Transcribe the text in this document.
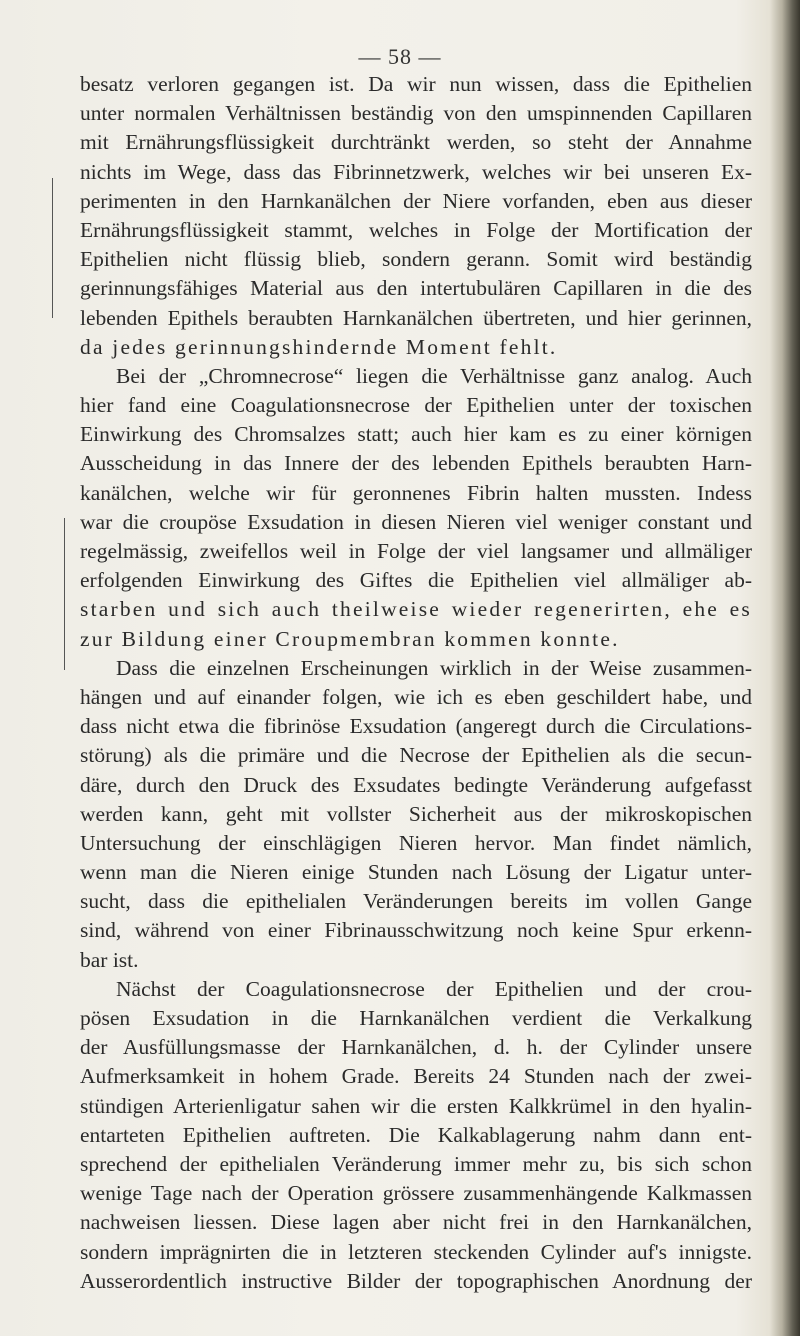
— 58 —
besatz verloren gegangen ist. Da wir nun wissen, dass die Epithelien
unter normalen Verhältnissen beständig von den umspinnenden Capillaren
mit Ernährungsflüssigkeit durchtränkt werden, so steht der Annahme
nichts im Wege, dass das Fibrinnetzwerk, welches wir bei unseren Ex-
perimenten in den Harnkanälchen der Niere vorfanden, eben aus dieser
Ernährungsflüssigkeit stammt, welches in Folge der Mortification der
Epithelien nicht flüssig blieb, sondern gerann. Somit wird beständig
gerinnungsfähiges Material aus den intertubulären Capillaren in die des
lebenden Epithels beraubten Harnkanälchen übertreten, und hier gerinnen,
da jedes gerinnungshindernde Moment fehlt.
Bei der „Chromnecrose“ liegen die Verhältnisse ganz analog. Auch
hier fand eine Coagulationsnecrose der Epithelien unter der toxischen
Einwirkung des Chromsalzes statt; auch hier kam es zu einer körnigen
Ausscheidung in das Innere der des lebenden Epithels beraubten Harn-
kanälchen, welche wir für geronnenes Fibrin halten mussten. Indess
war die croupöse Exsudation in diesen Nieren viel weniger constant und
regelmässig, zweifellos weil in Folge der viel langsamer und allmäliger
erfolgenden Einwirkung des Giftes die Epithelien viel allmäliger ab-
starben und sich auch theilweise wieder regenerirten, ehe es
zur Bildung einer Croupmembran kommen konnte.
Dass die einzelnen Erscheinungen wirklich in der Weise zusammen-
hängen und auf einander folgen, wie ich es eben geschildert habe, und
dass nicht etwa die fibrinöse Exsudation (angeregt durch die Circulations-
störung) als die primäre und die Necrose der Epithelien als die secun-
däre, durch den Druck des Exsudates bedingte Veränderung aufgefasst
werden kann, geht mit vollster Sicherheit aus der mikroskopischen
Untersuchung der einschlägigen Nieren hervor. Man findet nämlich,
wenn man die Nieren einige Stunden nach Lösung der Ligatur unter-
sucht, dass die epithelialen Veränderungen bereits im vollen Gange
sind, während von einer Fibrinausschwitzung noch keine Spur erkenn-
bar ist.
Nächst der Coagulationsnecrose der Epithelien und der crou-
pösen Exsudation in die Harnkanälchen verdient die Verkalkung
der Ausfüllungsmasse der Harnkanälchen, d. h. der Cylinder unsere
Aufmerksamkeit in hohem Grade. Bereits 24 Stunden nach der zwei-
stündigen Arterienligatur sahen wir die ersten Kalkkrümel in den hyalin-
entarteten Epithelien auftreten. Die Kalkablagerung nahm dann ent-
sprechend der epithelialen Veränderung immer mehr zu, bis sich schon
wenige Tage nach der Operation grössere zusammenhängende Kalkmassen
nachweisen liessen. Diese lagen aber nicht frei in den Harnkanälchen,
sondern imprägnirten die in letzteren steckenden Cylinder auf's innigste.
Ausserordentlich instructive Bilder der topographischen Anordnung der
